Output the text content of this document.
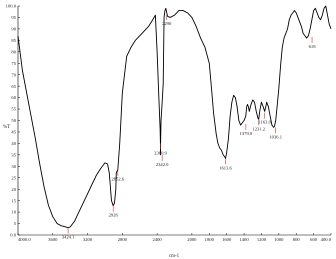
0.0
5
10
15
20
25
30
35
40
45
50
55
60
65
70
75
80
85
90
95
100.0
4000.0	3600	3200	2800	2400	2000 1800 1600 1400 1200 1000 800 600 400.0
%T
cm-1
3424.1
2926
2852.6
2360.9
2342.0
2290
1613.6
1379.0
1231.2
1163.0
1036.1
618
